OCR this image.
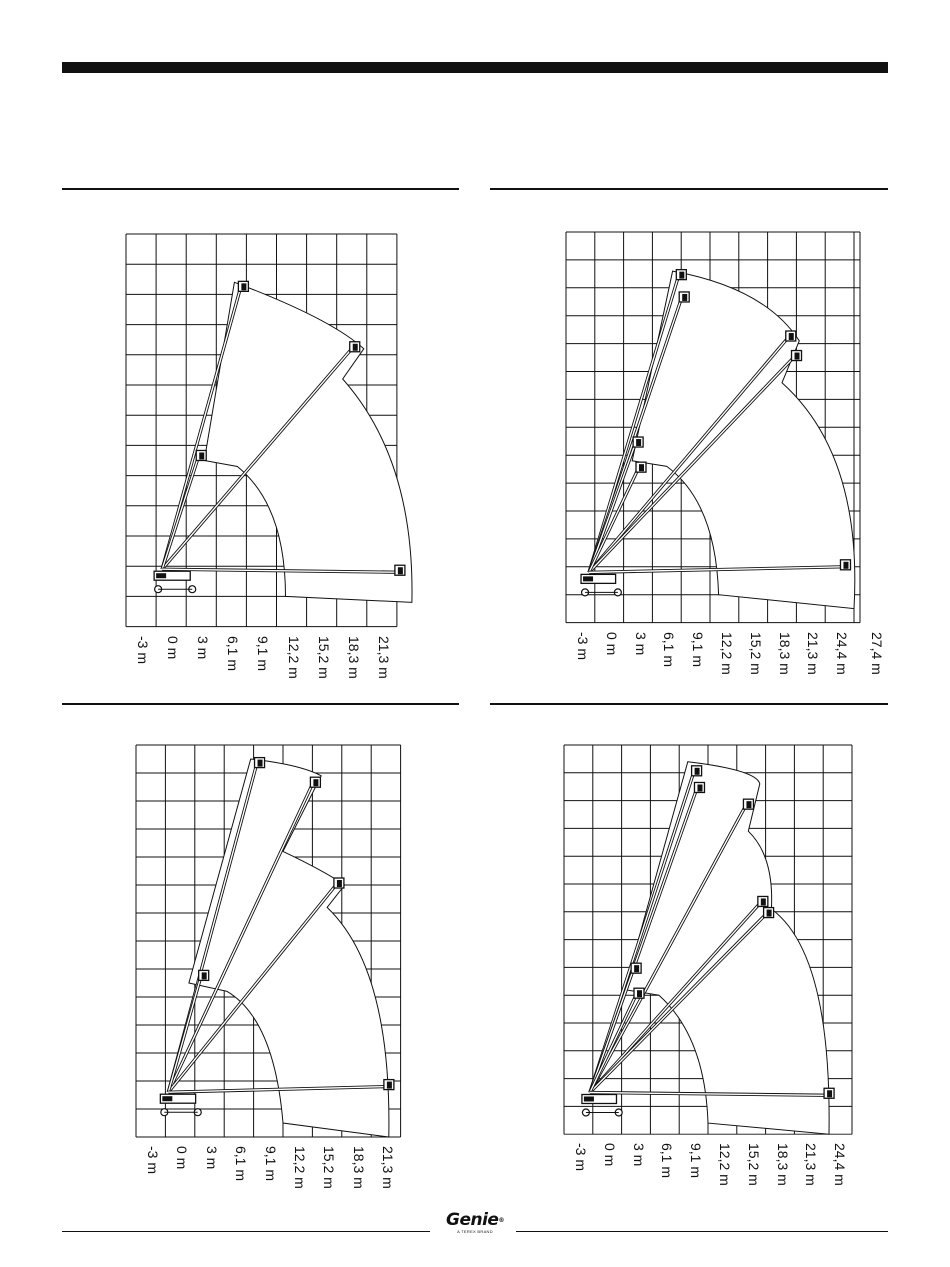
Genie®
A TEREX BRAND
-3 m 0 m 3 m 6,1 m 9,1 m 12,2 m 15,2 m 18,3 m 21,3 m	-3 m 0 m 3 m 6,1 m 9,1 m 12,2 m 15,2 m 18,3 m 21,3 m 24,4 m 27,4 m
-3 m 0 m 3 m 6,1 m 9,1 m 12,2 m 15,2 m 18,3 m 21,3 m	-3 m 0 m 3 m 6,1 m 9,1 m 12,2 m 15,2 m 18,3 m 21,3 m 24,4 m
